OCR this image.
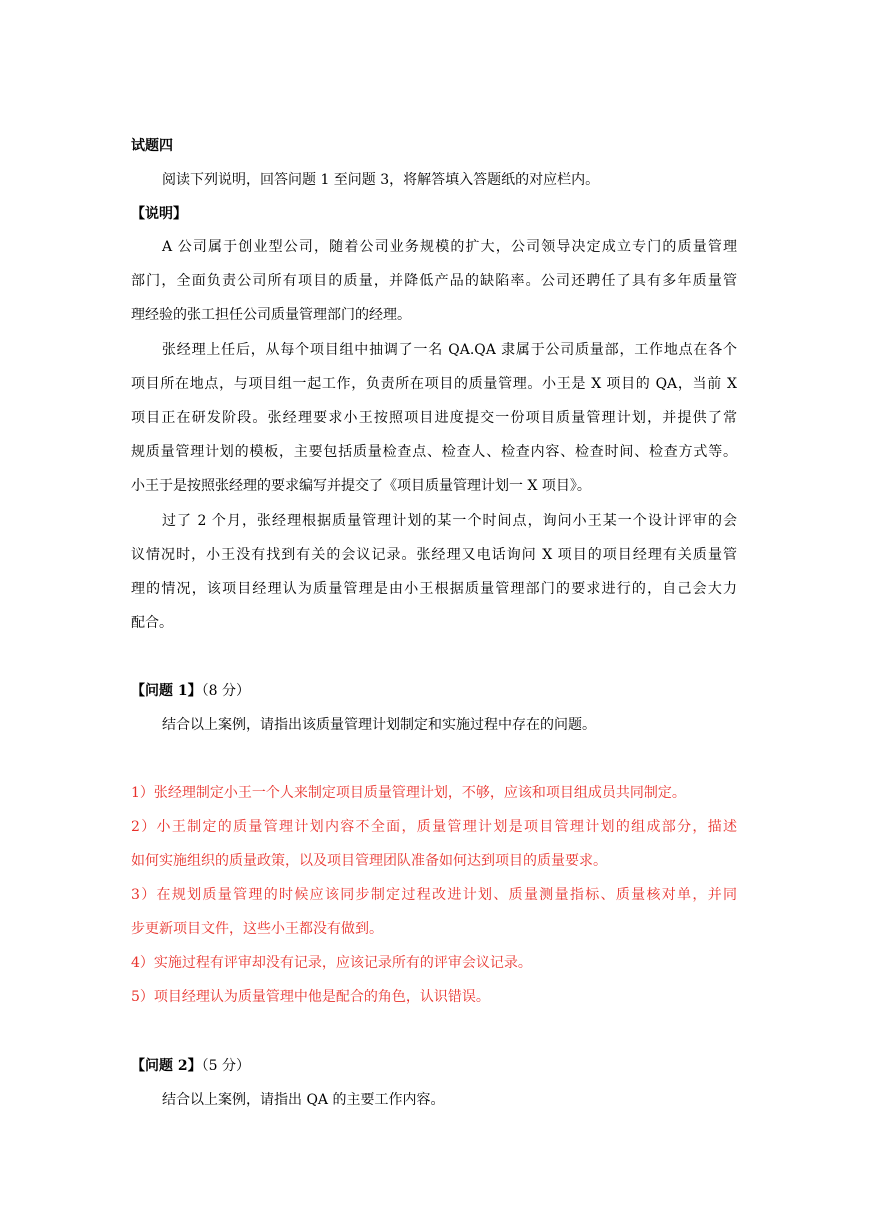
试题四
阅读下列说明，回答问题 1 至问题 3，将解答填入答题纸的对应栏内。
【说明】
A 公司属于创业型公司，随着公司业务规模的扩大，公司领导决定成立专门的质量管理
部门，全面负责公司所有项目的质量，并降低产品的缺陷率。公司还聘任了具有多年质量管
理经验的张工担任公司质量管理部门的经理。
张经理上任后，从每个项目组中抽调了一名 QA.QA 隶属于公司质量部，工作地点在各个
项目所在地点，与项目组一起工作，负责所在项目的质量管理。小王是 X 项目的 QA，当前 X
项目正在研发阶段。张经理要求小王按照项目进度提交一份项目质量管理计划，并提供了常
规质量管理计划的模板，主要包括质量检查点、检查人、检查内容、检查时间、检查方式等。
小王于是按照张经理的要求编写并提交了《项目质量管理计划一 X 项目》。
过了 2 个月，张经理根据质量管理计划的某一个时间点，询问小王某一个设计评审的会
议情况时，小王没有找到有关的会议记录。张经理又电话询问 X 项目的项目经理有关质量管
理的情况，该项目经理认为质量管理是由小王根据质量管理部门的要求进行的，自己会大力
配合。
【问题 1】（8 分）
结合以上案例，请指出该质量管理计划制定和实施过程中存在的问题。
1）张经理制定小王一个人来制定项目质量管理计划，不够，应该和项目组成员共同制定。
2）小王制定的质量管理计划内容不全面，质量管理计划是项目管理计划的组成部分，描述
如何实施组织的质量政策，以及项目管理团队准备如何达到项目的质量要求。
3）在规划质量管理的时候应该同步制定过程改进计划、质量测量指标、质量核对单，并同
步更新项目文件，这些小王都没有做到。
4）实施过程有评审却没有记录，应该记录所有的评审会议记录。
5）项目经理认为质量管理中他是配合的角色，认识错误。
【问题 2】（5 分）
结合以上案例，请指出 QA 的主要工作内容。
